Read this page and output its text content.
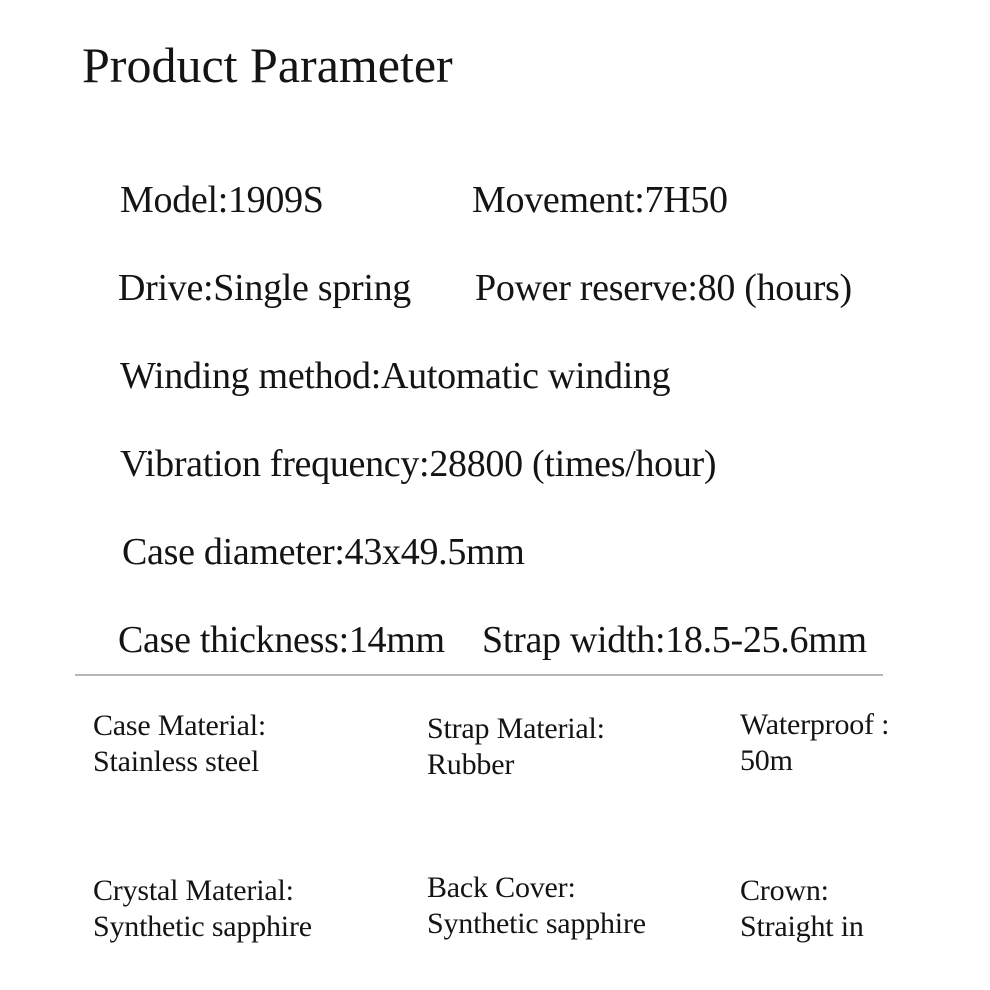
Product Parameter
Model:1909S	Movement:7H50
Drive:Single spring Power reserve:80 (hours)
Winding method:Automatic winding
Vibration frequency:28800 (times/hour)
Case diameter:43x49.5mm
Case thickness:14mm Strap width:18.5-25.6mm
Case Material:
Stainless steel
Strap Material:
Rubber
Waterproof :
50m
Crystal Material:
Synthetic sapphire
Back Cover:
Synthetic sapphire
Crown:
Straight in
